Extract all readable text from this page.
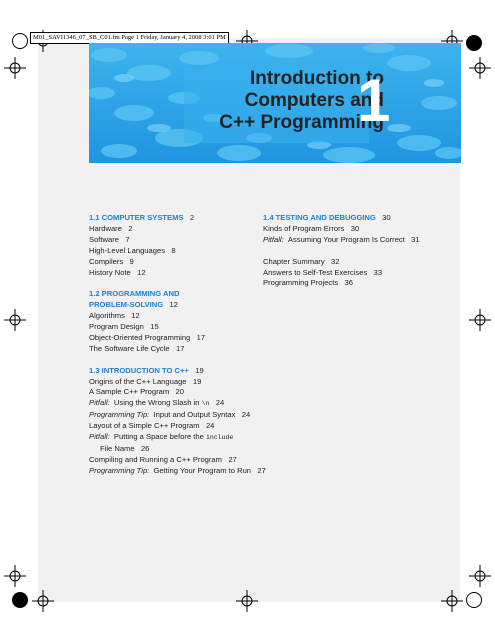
M01_SAVI1346_07_SB_C01.fm Page 1 Friday, January 4, 2008 3:01 PM
Introduction to
Computers and
C++ Programming
1
1.1 COMPUTER SYSTEMS 2
Hardware 2
Software 7
High-Level Languages 8
Compilers 9
History Note 12
1.2 PROGRAMMING AND
PROBLEM-SOLVING 12
Algorithms 12
Program Design 15
Object-Oriented Programming 17
The Software Life Cycle 17
1.3 INTRODUCTION TO C++ 19
Origins of the C++ Language 19
A Sample C++ Program 20
Pitfall: Using the Wrong Slash in \n 24
Programming Tip: Input and Output Syntax 24
Layout of a Simple C++ Program 24
Pitfall: Putting a Space before the include
File Name 26
Compiling and Running a C++ Program 27
Programming Tip: Getting Your Program to Run 27
1.4 TESTING AND DEBUGGING 30
Kinds of Program Errors 30
Pitfall: Assuming Your Program Is Correct 31
Chapter Summary 32
Answers to Self-Test Exercises 33
Programming Projects 36
